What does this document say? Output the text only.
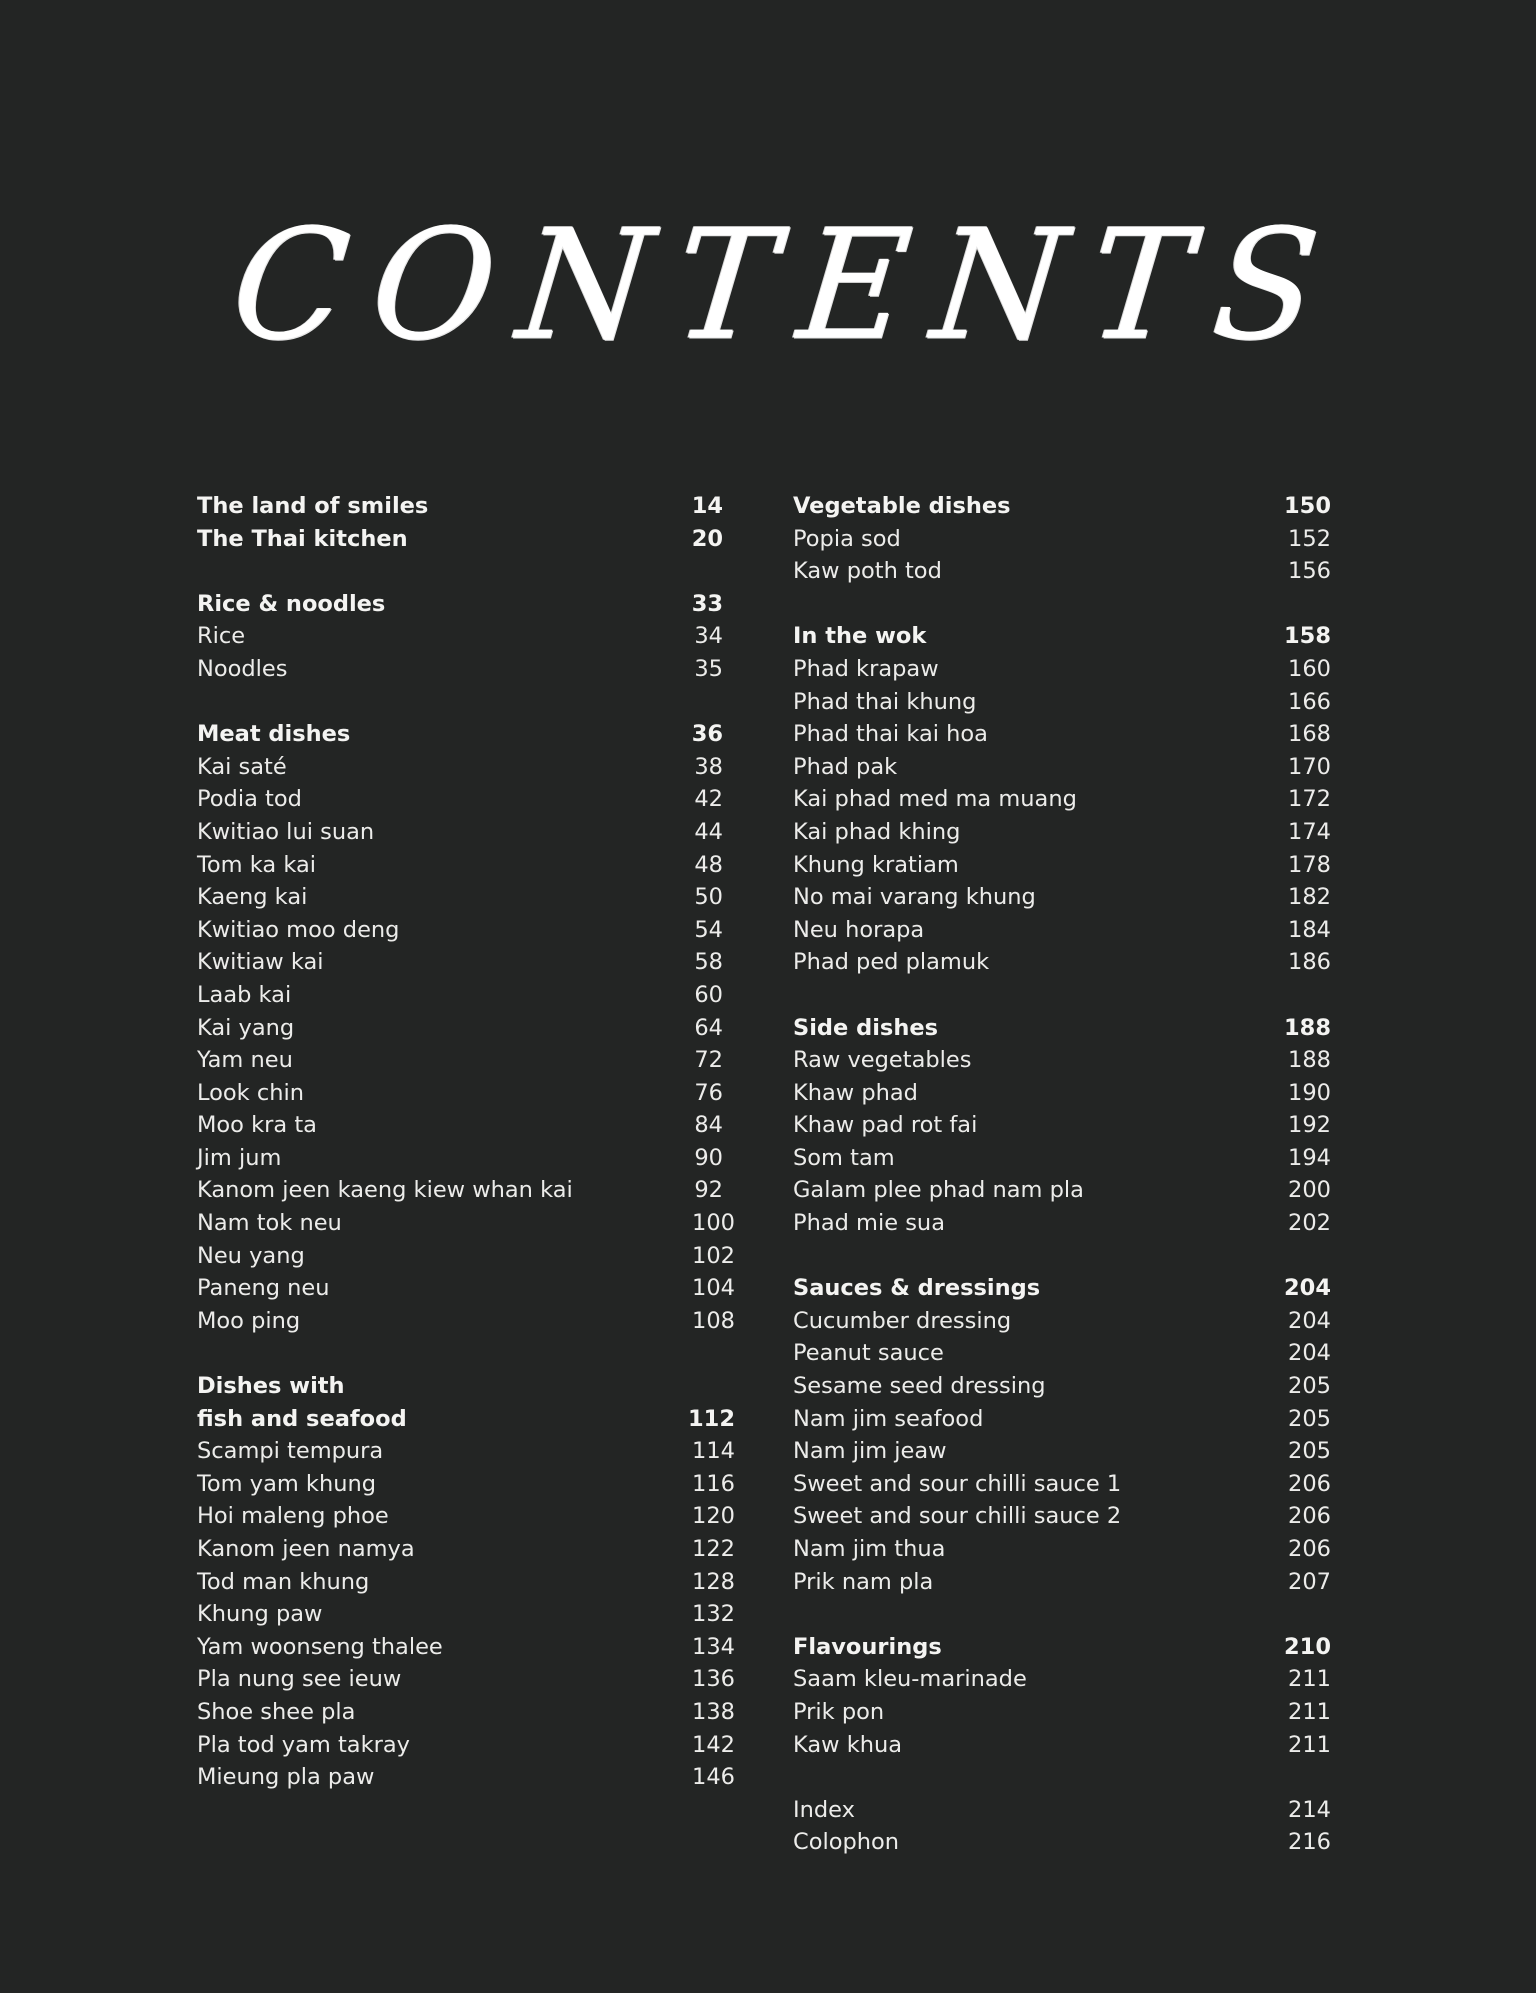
CONTENTS
The land of smiles	14
The Thai kitchen	20
Rice & noodles	33
Rice	34
Noodles	35
Meat dishes	36
Kai saté	38
Podia tod	42
Kwitiao lui suan	44
Tom ka kai	48
Kaeng kai	50
Kwitiao moo deng	54
Kwitiaw kai	58
Laab kai	60
Kai yang	64
Yam neu	72
Look chin	76
Moo kra ta	84
Jim jum	90
Kanom jeen kaeng kiew whan kai	92
Nam tok neu	100
Neu yang	102
Paneng neu	104
Moo ping	108
Dishes with
fish and seafood	112
Scampi tempura	114
Tom yam khung	116
Hoi maleng phoe	120
Kanom jeen namya	122
Tod man khung	128
Khung paw	132
Yam woonseng thalee	134
Pla nung see ieuw	136
Shoe shee pla	138
Pla tod yam takray	142
Mieung pla paw	146
Vegetable dishes	150
Popia sod	152
Kaw poth tod	156
In the wok	158
Phad krapaw	160
Phad thai khung	166
Phad thai kai hoa	168
Phad pak	170
Kai phad med ma muang	172
Kai phad khing	174
Khung kratiam	178
No mai varang khung	182
Neu horapa	184
Phad ped plamuk	186
Side dishes	188
Raw vegetables	188
Khaw phad	190
Khaw pad rot fai	192
Som tam	194
Galam plee phad nam pla	200
Phad mie sua	202
Sauces & dressings	204
Cucumber dressing	204
Peanut sauce	204
Sesame seed dressing	205
Nam jim seafood	205
Nam jim jeaw	205
Sweet and sour chilli sauce 1	206
Sweet and sour chilli sauce 2	206
Nam jim thua	206
Prik nam pla	207
Flavourings	210
Saam kleu-marinade	211
Prik pon	211
Kaw khua	211
Index	214
Colophon	216
